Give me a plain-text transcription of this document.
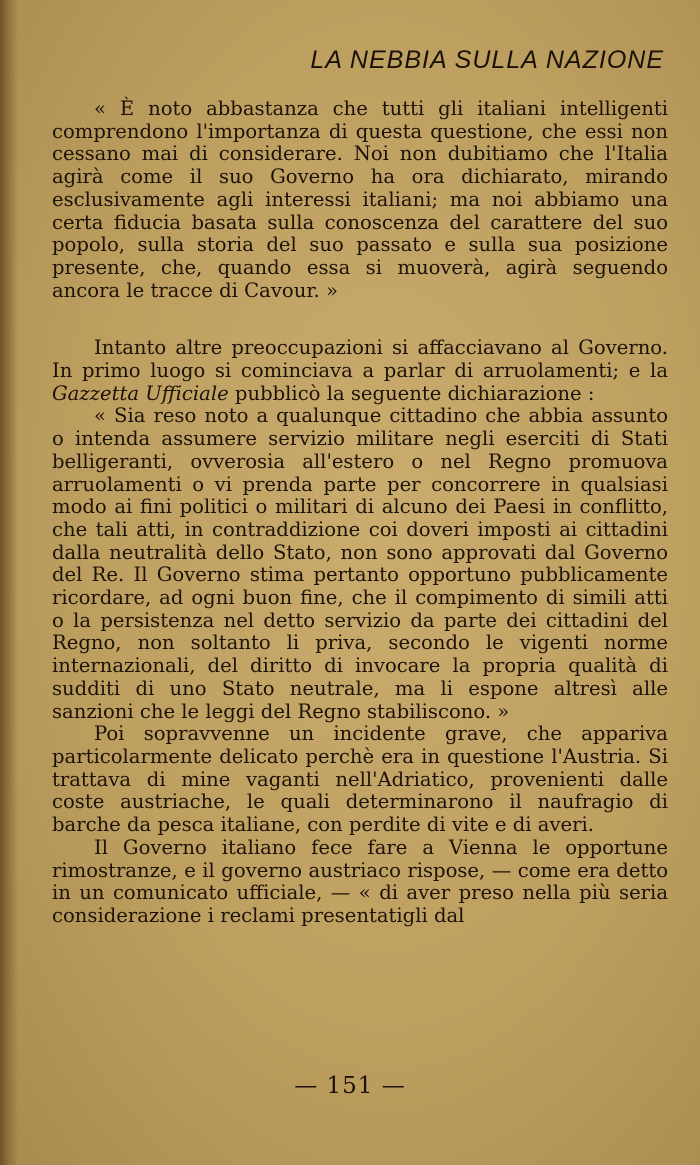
LA NEBBIA SULLA NAZIONE

« È noto abbastanza che tutti gli italiani intelligenti comprendono l'importanza di questa questione, che essi non cessano mai di considerare. Noi non dubitiamo che l'Italia agirà come il suo Governo ha ora dichiarato, mirando esclusivamente agli interessi italiani; ma noi abbiamo una certa fiducia basata sulla conoscenza del carattere del suo popolo, sulla storia del suo passato e sulla sua posizione presente, che, quando essa si muoverà, agirà seguendo ancora le tracce di Cavour. »

Intanto altre preoccupazioni si affacciavano al Governo. In primo luogo si cominciava a parlar di arruolamenti; e la Gazzetta Ufficiale pubblicò la seguente dichiarazione :

« Sia reso noto a qualunque cittadino che abbia assunto o intenda assumere servizio militare negli eserciti di Stati belligeranti, ovverosia all'estero o nel Regno promuova arruolamenti o vi prenda parte per concorrere in qualsiasi modo ai fini politici o militari di alcuno dei Paesi in conflitto, che tali atti, in contraddizione coi doveri imposti ai cittadini dalla neutralità dello Stato, non sono approvati dal Governo del Re. Il Governo stima pertanto opportuno pubblicamente ricordare, ad ogni buon fine, che il compimento di simili atti o la persistenza nel detto servizio da parte dei cittadini del Regno, non soltanto li priva, secondo le vigenti norme internazionali, del diritto di invocare la propria qualità di sudditi di uno Stato neutrale, ma li espone altresì alle sanzioni che le leggi del Regno stabiliscono. »

Poi sopravvenne un incidente grave, che appariva particolarmente delicato perchè era in questione l'Austria. Si trattava di mine vaganti nell'Adriatico, provenienti dalle coste austriache, le quali determinarono il naufragio di barche da pesca italiane, con perdite di vite e di averi.

Il Governo italiano fece fare a Vienna le opportune rimostranze, e il governo austriaco rispose, — come era detto in un comunicato ufficiale, — « di aver preso nella più seria considerazione i reclami presentatigli dal

— 151 —
